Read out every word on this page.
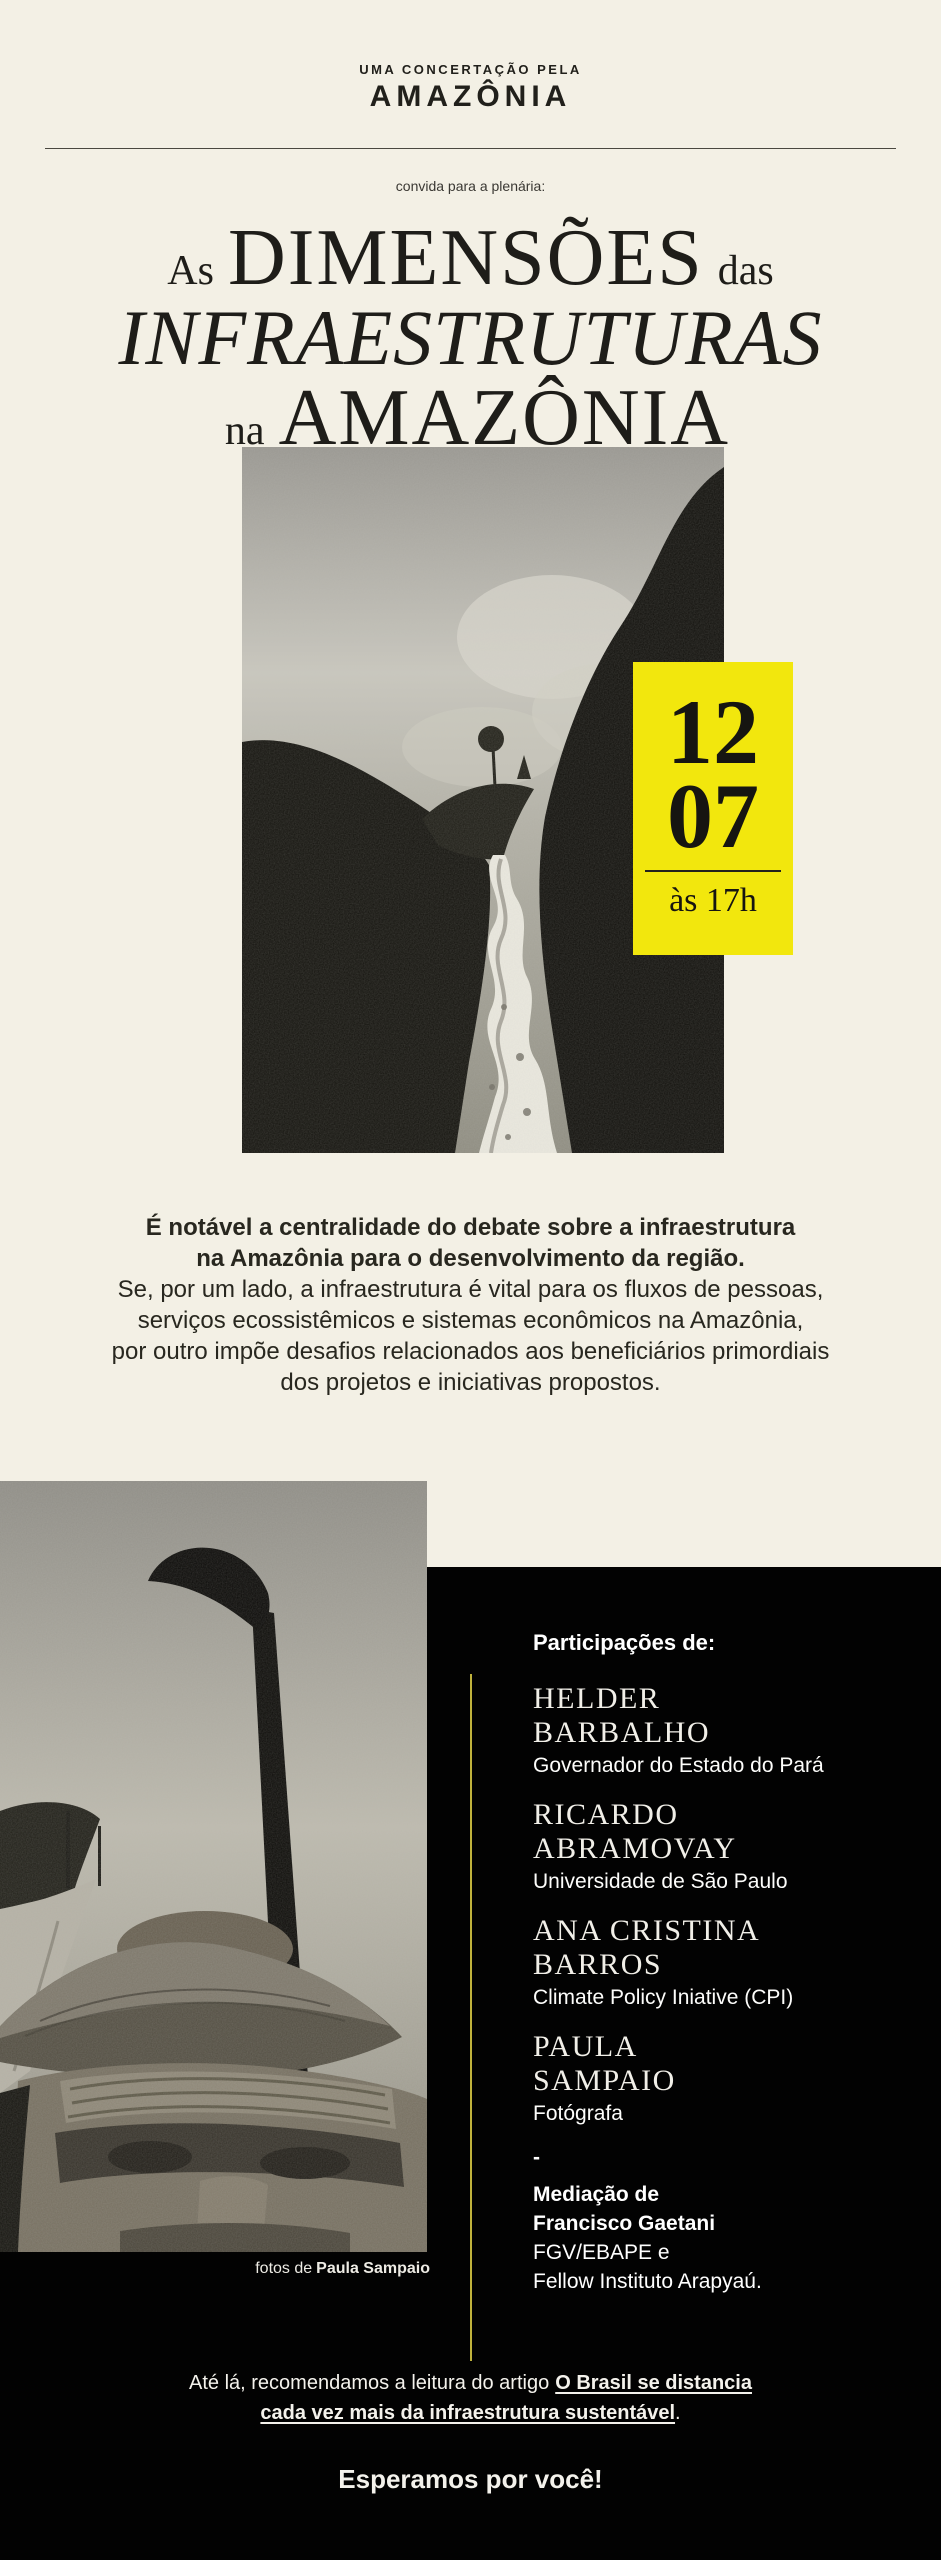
UMA CONCERTAÇÃO PELA
AMAZÔNIA
convida para a plenária:
As DIMENSÕES das
INFRAESTRUTURAS
na AMAZÔNIA
12
07
às 17h
É notável a centralidade do debate sobre a infraestrutura
na Amazônia para o desenvolvimento da região.
Se, por um lado, a infraestrutura é vital para os fluxos de pessoas,
serviços ecossistêmicos e sistemas econômicos na Amazônia,
por outro impõe desafios relacionados aos beneficiários primordiais
dos projetos e iniciativas propostos.
fotos de Paula Sampaio
Participações de:
HELDER
BARBALHO
Governador do Estado do Pará
RICARDO
ABRAMOVAY
Universidade de São Paulo
ANA CRISTINA
BARROS
Climate Policy Iniative (CPI)
PAULA
SAMPAIO
Fotógrafa
-
Mediação de
Francisco Gaetani
FGV/EBAPE e
Fellow Instituto Arapyaú.
Até lá, recomendamos a leitura do artigo O Brasil se distancia
cada vez mais da infraestrutura sustentável.
Esperamos por você!
